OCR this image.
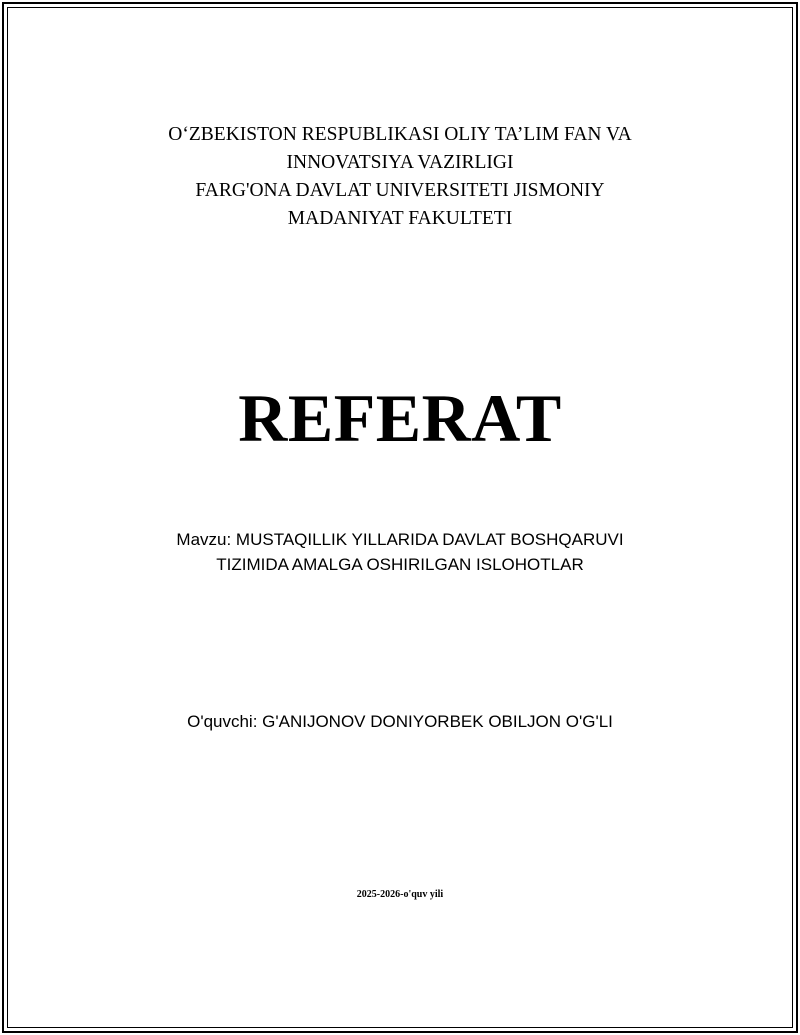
O‘ZBEKISTON RESPUBLIKASI OLIY TA’LIM FAN VA
INNOVATSIYA VAZIRLIGI
FARG'ONA DAVLAT UNIVERSITETI JISMONIY
MADANIYAT FAKULTETI
REFERAT
Mavzu: MUSTAQILLIK YILLARIDA DAVLAT BOSHQARUVI
TIZIMIDA AMALGA OSHIRILGAN ISLOHOTLAR
O'quvchi: G'ANIJONOV DONIYORBEK OBILJON O'G'LI
2025-2026-o'quv yili
